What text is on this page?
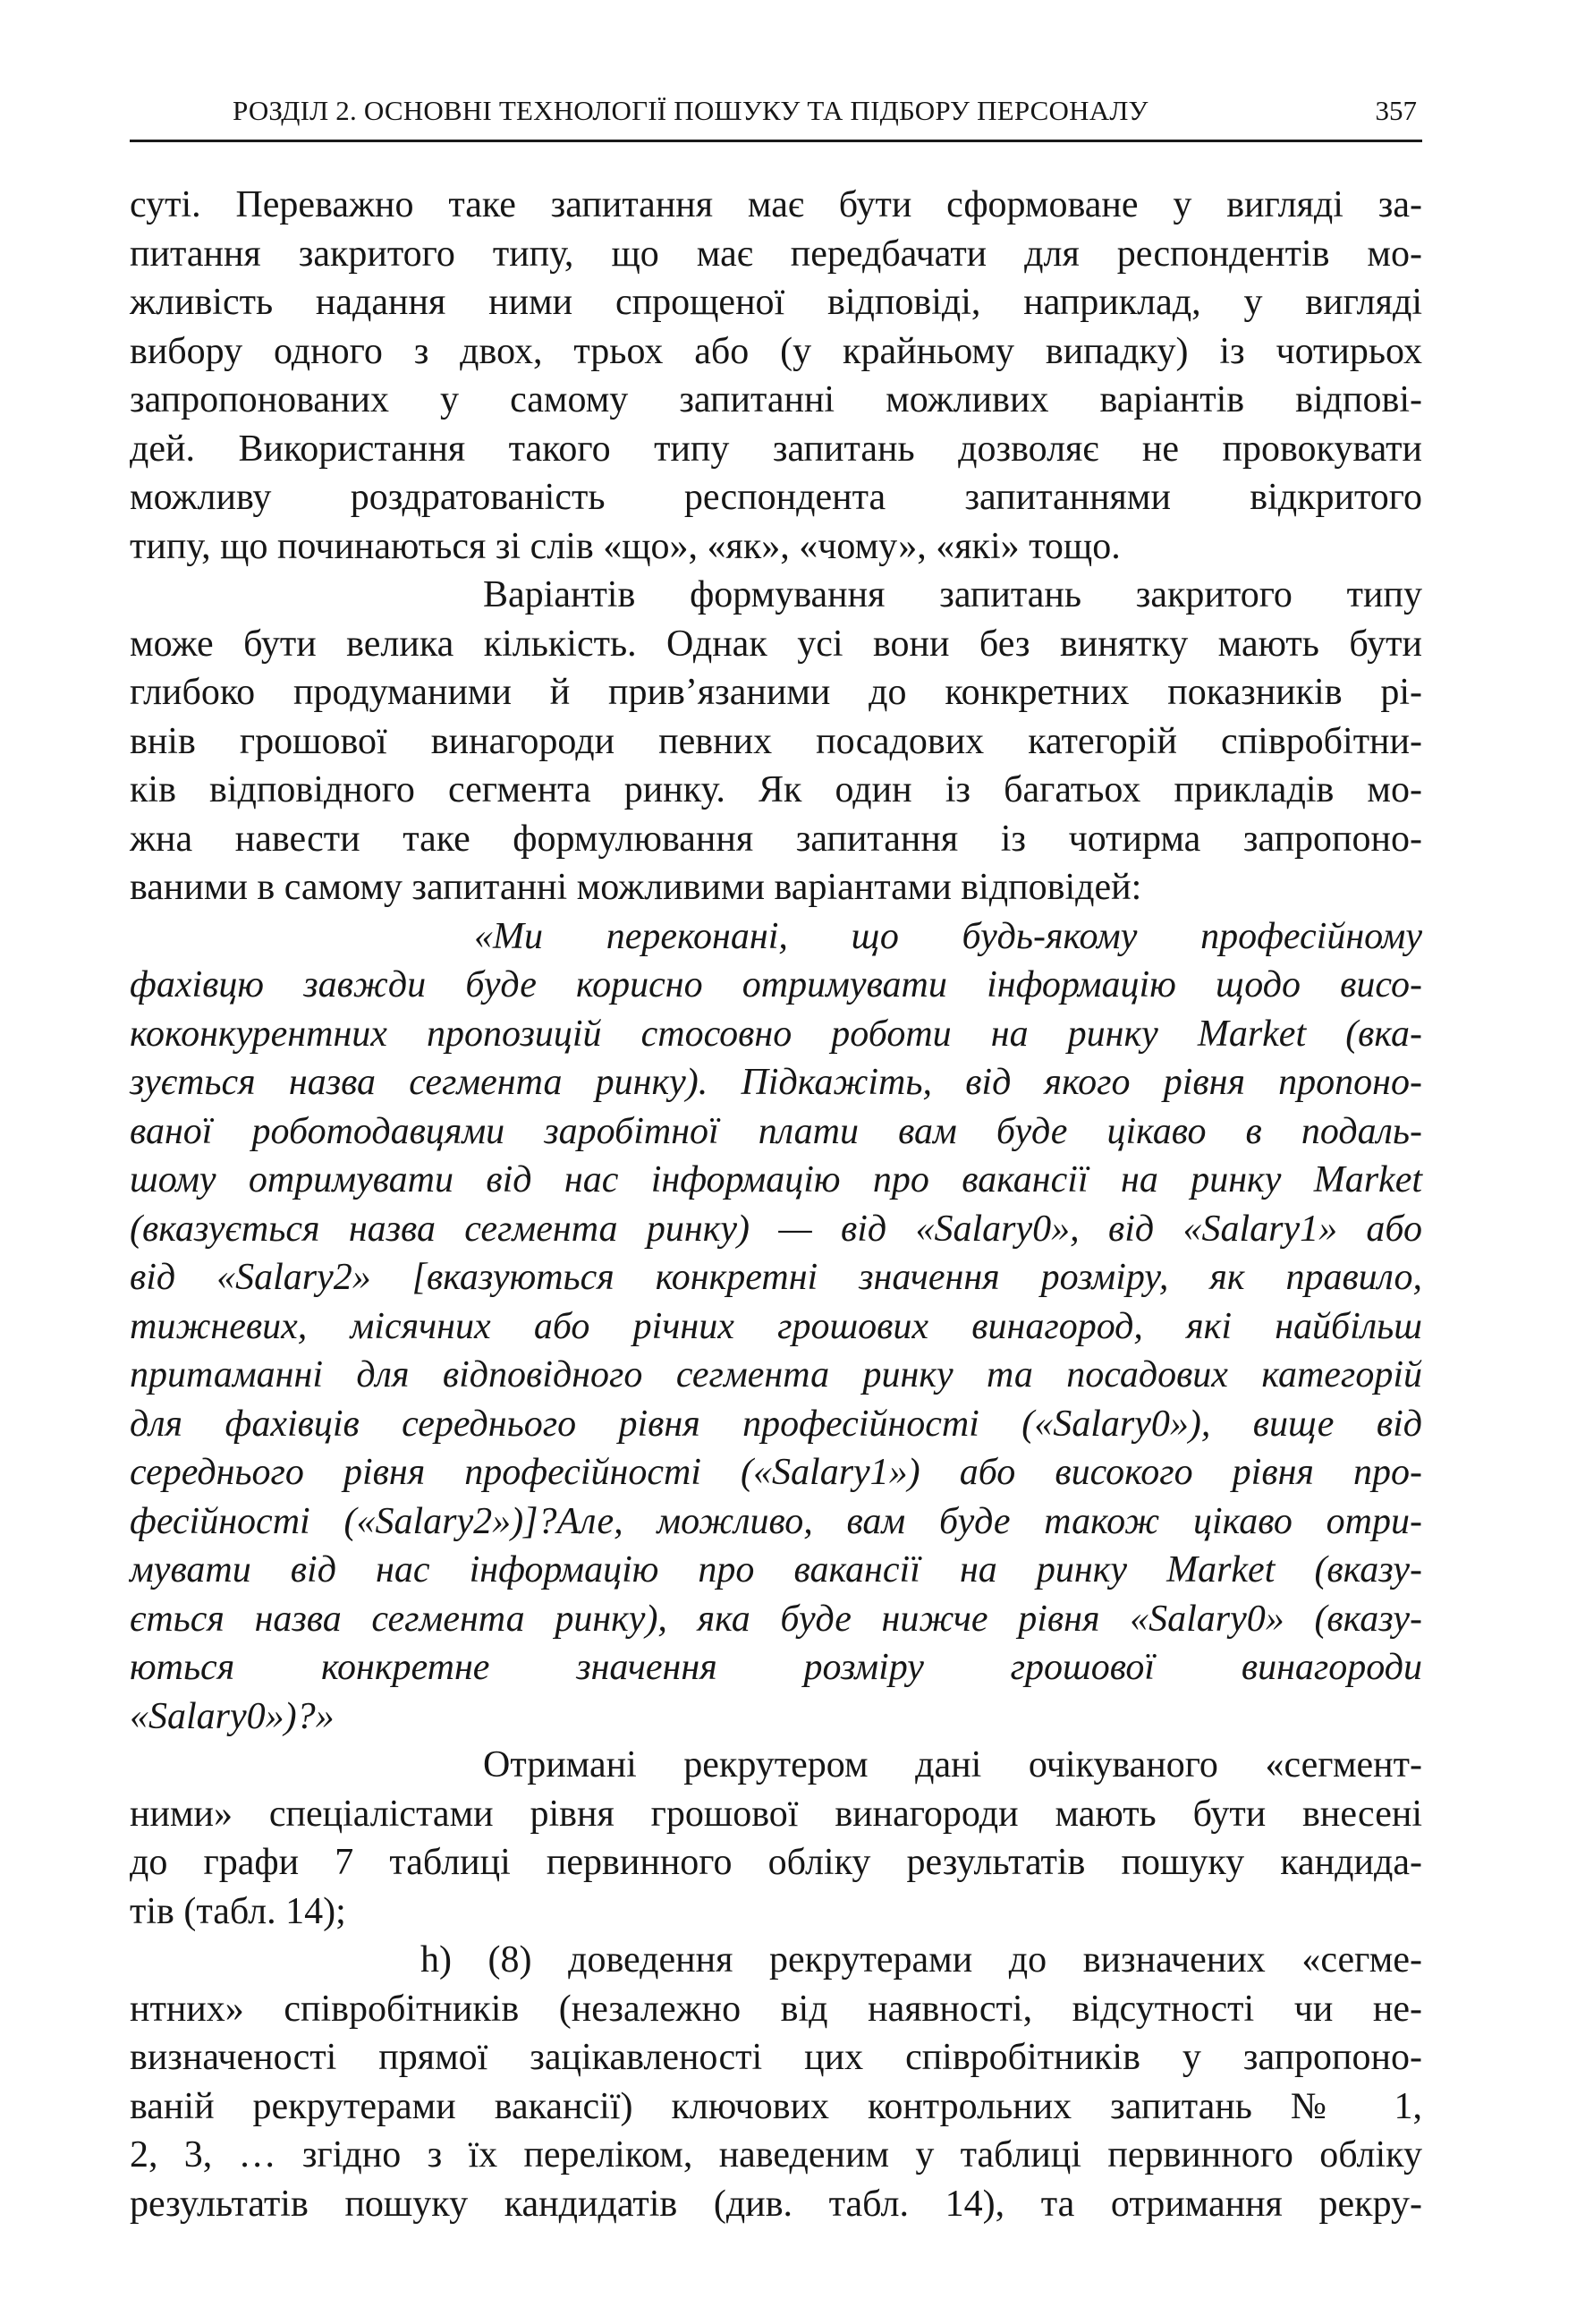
РОЗДІЛ 2. ОСНОВНІ ТЕХНОЛОГІЇ ПОШУКУ ТА ПІДБОРУ ПЕРСОНАЛУ	357
суті. Переважно таке запитання має бути сформоване у вигляді за-
питання закритого типу, що має передбачати для респондентів мо-
жливість надання ними спрощеної відповіді, наприклад, у вигляді
вибору одного з двох, трьох або (у крайньому випадку) із чотирьох
запропонованих у самому запитанні можливих варіантів відпові-
дей. Використання такого типу запитань дозволяє не провокувати
можливу роздратованість респондента запитаннями відкритого
типу, що починаються зі слів «що», «як», «чому», «які» тощо.
Варіантів формування запитань закритого типу
може бути велика кількість. Однак усі вони без винятку мають бути
глибоко продуманими й прив’язаними до конкретних показників рі-
внів грошової винагороди певних посадових категорій співробітни-
ків відповідного сегмента ринку. Як один із багатьох прикладів мо-
жна навести таке формулювання запитання із чотирма запропоно-
ваними в самому запитанні можливими варіантами відповідей:
«Ми переконані, що будь-якому професійному
фахівцю завжди буде корисно отримувати інформацію щодо висо-
коконкурентних пропозицій стосовно роботи на ринку Market (вка-
зується назва сегмента ринку). Підкажіть, від якого рівня пропоно-
ваної роботодавцями заробітної плати вам буде цікаво в подаль-
шому отримувати від нас інформацію про вакансії на ринку Market
(вказується назва сегмента ринку) — від «Salary0», від «Salary1» або
від «Salary2» [вказуються конкретні значення розміру, як правило,
тижневих, місячних або річних грошових винагород, які найбільш
притаманні для відповідного сегмента ринку та посадових категорій
для фахівців середнього рівня професійності («Salary0»), вище від
середнього рівня професійності («Salary1») або високого рівня про-
фесійності («Salary2»)]?Але, можливо, вам буде також цікаво отри-
мувати від нас інформацію про вакансії на ринку Market (вказу-
ється назва сегмента ринку), яка буде нижче рівня «Salary0» (вказу-
ються конкретне значення розміру грошової винагороди
«Salary0»)?»
Отримані рекрутером дані очікуваного «сегмент-
ними» спеціалістами рівня грошової винагороди мають бути внесені
до графи 7 таблиці первинного обліку результатів пошуку кандида-
тів (табл. 14);
h) (8) доведення рекрутерами до визначених «сегме-
нтних» співробітників (незалежно від наявності, відсутності чи не-
визначеності прямої зацікавленості цих співробітників у запропоно-
ваній рекрутерами вакансії) ключових контрольних запитань № 1,
2, 3, … згідно з їх переліком, наведеним у таблиці первинного обліку
результатів пошуку кандидатів (див. табл. 14), та отримання рекру-
